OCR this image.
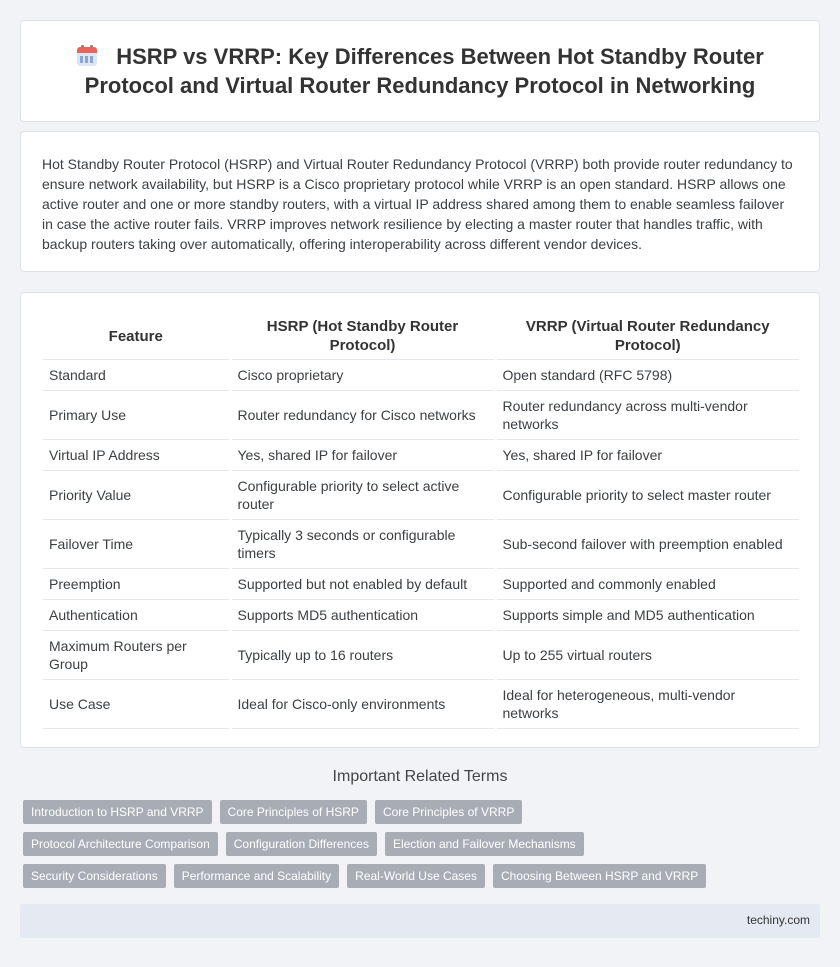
HSRP vs VRRP: Key Differences Between Hot Standby Router Protocol and Virtual Router Redundancy Protocol in Networking

Hot Standby Router Protocol (HSRP) and Virtual Router Redundancy Protocol (VRRP) both provide router redundancy to ensure network availability, but HSRP is a Cisco proprietary protocol while VRRP is an open standard. HSRP allows one active router and one or more standby routers, with a virtual IP address shared among them to enable seamless failover in case the active router fails. VRRP improves network resilience by electing a master router that handles traffic, with backup routers taking over automatically, offering interoperability across different vendor devices.

Feature	HSRP (Hot Standby Router Protocol)	VRRP (Virtual Router Redundancy Protocol)
Standard	Cisco proprietary	Open standard (RFC 5798)
Primary Use	Router redundancy for Cisco networks	Router redundancy across multi-vendor networks
Virtual IP Address	Yes, shared IP for failover	Yes, shared IP for failover
Priority Value	Configurable priority to select active router	Configurable priority to select master router
Failover Time	Typically 3 seconds or configurable timers	Sub-second failover with preemption enabled
Preemption	Supported but not enabled by default	Supported and commonly enabled
Authentication	Supports MD5 authentication	Supports simple and MD5 authentication
Maximum Routers per Group	Typically up to 16 routers	Up to 255 virtual routers
Use Case	Ideal for Cisco-only environments	Ideal for heterogeneous, multi-vendor networks
Important Related Terms
Introduction to HSRP and VRRP	Core Principles of HSRP	Core Principles of VRRP
Protocol Architecture Comparison	Configuration Differences	Election and Failover Mechanisms
Security Considerations	Performance and Scalability	Real-World Use Cases	Choosing Between HSRP and VRRP
techiny.com
